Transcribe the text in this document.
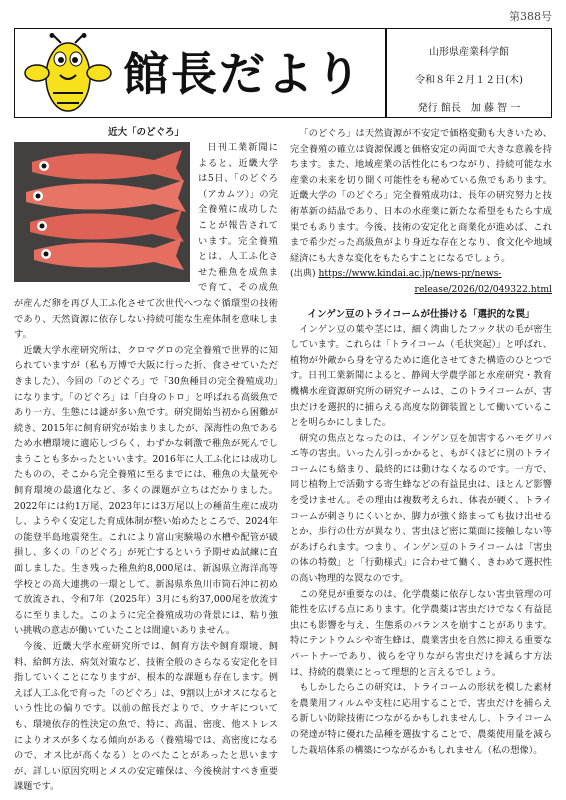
第388号
館長だより	山形県産業科学館
令和８年２月１２日(木)
発行 館長　加 藤 智 一
近大「のどぐろ」

日刊工業新聞によると、近畿大学は5日、「のどぐろ（アカムツ）」の完全養殖に成功したことが報告されています。完全養殖とは、人工ふ化させた稚魚を成魚まで育て、その成魚が産んだ卵を再び人工ふ化させて次世代へつなぐ循環型の技術であり、天然資源に依存しない持続可能な生産体制を意味します。

近畿大学水産研究所は、クロマグロの完全養殖で世界的に知られていますが（私も万博で大阪に行った折、食させていただきました）、今回の「のどぐろ」で「30魚種目の完全養殖成功」になります。「のどぐろ」は「白身のトロ」と呼ばれる高級魚であり一方、生態には謎が多い魚です。研究開始当初から困難が続き、2015年に飼育研究が始まりましたが、深海性の魚であるため水槽環境に適応しづらく、わずかな刺激で稚魚が死んでしまうことも多かったといいます。2016年に人工ふ化には成功したものの、そこから完全養殖に至るまでには、稚魚の大量死や飼育環境の最適化など、多くの課題が立ちはだかりました。2022年には約1万尾、2023年には3万尾以上の種苗生産に成功し、ようやく安定した育成体制が整い始めたところで、2024年の能登半島地震発生。これにより富山実験場の水槽や配管が破損し、多くの「のどぐろ」が死亡するという予期せぬ試練に直面しました。生き残った稚魚約8,000尾は、新潟県立海洋高等学校との高大連携の一環として、新潟県糸魚川市筒石沖に初めて放流され、令和7年（2025年）3月にも約37,000尾を放流するに至りました。このように完全養殖成功の背景には、粘り強い挑戦の意志が働いていたことは間違いありません。

今後、近畿大学水産研究所では、飼育方法や飼育環境、飼料、給餌方法、病気対策など、技術全般のさらなる安定化を目指していくことになりますが、根本的な課題も存在します。例えば人工ふ化で育った「のどぐろ」は、9割以上がオスになるという性比の偏りです。以前の館長だよりで、ウナギについても、環境依存的性決定の魚で、特に、高温、密度、他ストレスによりオスが多くなる傾向がある（養殖場では、高密度になるので、オス比が高くなる）とのべたことがあったと思いますが、詳しい原因究明とメスの安定確保は、今後検討すべき重要課題です。

「のどぐろ」は天然資源が不安定で価格変動も大きいため、完全養殖の確立は資源保護と価格安定の両面で大きな意義を持ちます。また、地域産業の活性化にもつながり、持続可能な水産業の未来を切り開く可能性をも秘めている魚でもあります。近畿大学の「のどぐろ」完全養殖成功は、長年の研究努力と技術革新の結晶であり、日本の水産業に新たな希望をもたらす成果でもあります。今後、技術の安定化と商業化が進めば、これまで希少だった高級魚がより身近な存在となり、食文化や地域経済にも大きな変化をもたらすことになるでしょう。

(出典) https://www.kindai.ac.jp/news-pr/news-
release/2026/02/049322.html
インゲン豆のトライコームが仕掛ける「選択的な罠」

インゲン豆の葉や茎には、細く湾曲したフック状の毛が密生しています。これらは「トライコーム（毛状突起）」と呼ばれ、植物が外敵から身を守るために進化させてきた構造のひとつです。日刊工業新聞によると、静岡大学農学部と水産研究・教育機構水産資源研究所の研究チームは、このトライコームが、害虫だけを選択的に捕らえる高度な防御装置として働いていることを明らかにしました。

研究の焦点となったのは、インゲン豆を加害するハモグリバエ等の害虫。いったん引っかかると、もがくほどに別のトライコームにも絡まり、最終的には動けなくなるのです。一方で、同じ植物上で活動する寄生蜂などの有益昆虫は、ほとんど影響を受けません。その理由は複数考えられ、体表が硬く、トライコームが刺さりにくいとか、脚力が強く絡まっても抜け出せるとか、歩行の仕方が異なり、害虫ほど密に葉面に接触しない等があげられます。つまり、インゲン豆のトライコームは「害虫の体の特徴」と「行動様式」に合わせて働く、きわめて選択性の高い物理的な罠なのです。

この発見が重要なのは、化学農薬に依存しない害虫管理の可能性を広げる点にあります。化学農薬は害虫だけでなく有益昆虫にも影響を与え、生態系のバランスを崩すことがあります。特にテントウムシや寄生蜂は、農業害虫を自然に抑える重要なパートナーであり、彼らを守りながら害虫だけを減らす方法は、持続的農業にとって理想的と言えるでしょう。

もしかしたらこの研究は、トライコームの形状を模した素材を農業用フィルムや支柱に応用することで、害虫だけを捕らえる新しい防除技術につながるかもしれませんし、トライコームの発達が特に優れた品種を選抜することで、農薬使用量を減らした栽培体系の構築につながるかもしれません（私の想像）。
